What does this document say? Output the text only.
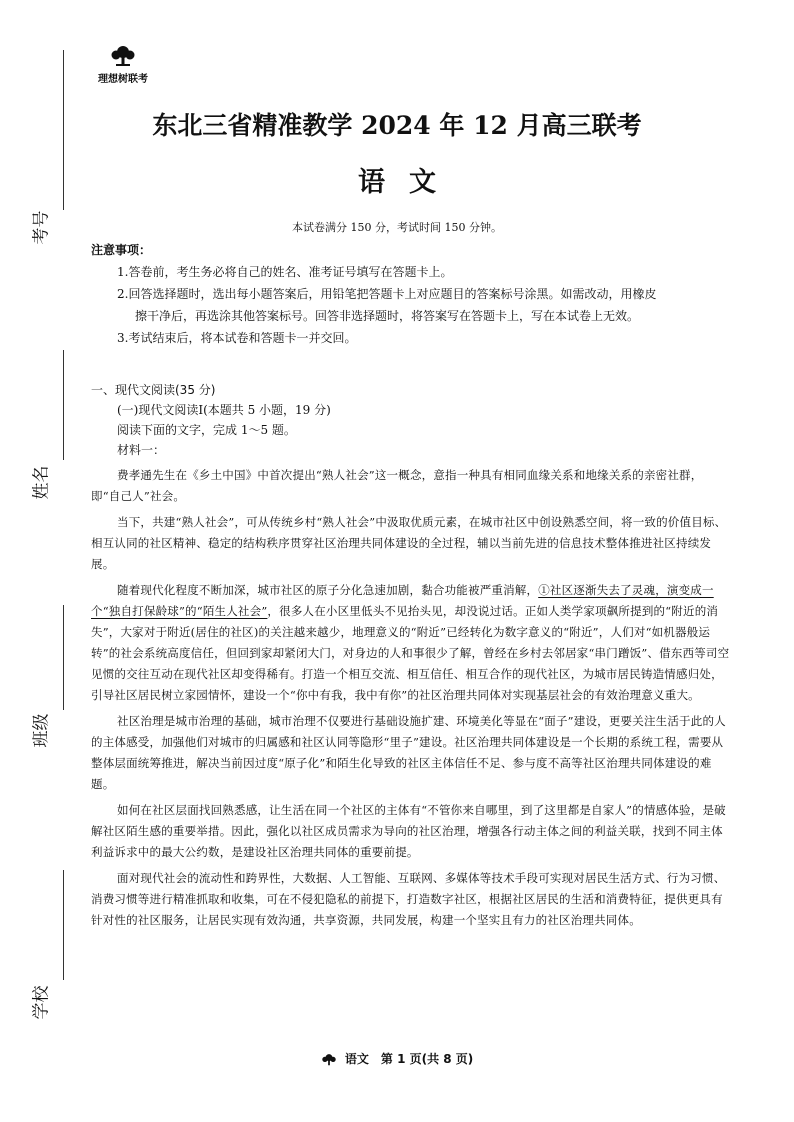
理想树联考
东北三省精准教学 2024 年 12 月高三联考
语文
本试卷满分 150 分，考试时间 150 分钟。
注意事项：
1.答卷前，考生务必将自己的姓名、准考证号填写在答题卡上。
2.回答选择题时，选出每小题答案后，用铅笔把答题卡上对应题目的答案标号涂黑。如需改动，用橡皮
擦干净后，再选涂其他答案标号。回答非选择题时，将答案写在答题卡上，写在本试卷上无效。
3.考试结束后，将本试卷和答题卡一并交回。
一、现代文阅读(35 分)
(一)现代文阅读Ⅰ(本题共 5 小题，19 分)
阅读下面的文字，完成 1～5 题。
材料一：

费孝通先生在《乡土中国》中首次提出“熟人社会”这一概念，意指一种具有相同血缘关系和地缘关系的亲密社群，即“自己人”社会。

当下，共建“熟人社会”，可从传统乡村“熟人社会”中汲取优质元素，在城市社区中创设熟悉空间，将一致的价值目标、相互认同的社区精神、稳定的结构秩序贯穿社区治理共同体建设的全过程，辅以当前先进的信息技术整体推进社区持续发展。

随着现代化程度不断加深，城市社区的原子分化急速加剧，黏合功能被严重消解，①社区逐渐失去了灵魂，演变成一个“独自打保龄球”的“陌生人社会”，很多人在小区里低头不见抬头见，却没说过话。正如人类学家项飙所提到的“附近的消失”，大家对于附近(居住的社区)的关注越来越少，地理意义的“附近”已经转化为数字意义的“附近”，人们对“如机器般运转”的社会系统高度信任，但回到家却紧闭大门，对身边的人和事很少了解，曾经在乡村去邻居家“串门蹭饭”、借东西等司空见惯的交往互动在现代社区却变得稀有。打造一个相互交流、相互信任、相互合作的现代社区，为城市居民铸造情感归处，引导社区居民树立家园情怀，建设一个“你中有我，我中有你”的社区治理共同体对实现基层社会的有效治理意义重大。

社区治理是城市治理的基础，城市治理不仅要进行基础设施扩建、环境美化等显在“面子”建设，更要关注生活于此的人的主体感受，加强他们对城市的归属感和社区认同等隐形“里子”建设。社区治理共同体建设是一个长期的系统工程，需要从整体层面统筹推进，解决当前因过度“原子化”和陌生化导致的社区主体信任不足、参与度不高等社区治理共同体建设的难题。

如何在社区层面找回熟悉感，让生活在同一个社区的主体有“不管你来自哪里，到了这里都是自家人”的情感体验，是破解社区陌生感的重要举措。因此，强化以社区成员需求为导向的社区治理，增强各行动主体之间的利益关联，找到不同主体利益诉求中的最大公约数，是建设社区治理共同体的重要前提。

面对现代社会的流动性和跨界性，大数据、人工智能、互联网、多媒体等技术手段可实现对居民生活方式、行为习惯、消费习惯等进行精准抓取和收集，可在不侵犯隐私的前提下，打造数字社区，根据社区居民的生活和消费特征，提供更具有针对性的社区服务，让居民实现有效沟通，共享资源，共同发展，构建一个坚实且有力的社区治理共同体。

语文　第 1 页(共 8 页)
考号
姓名
班级
学校
